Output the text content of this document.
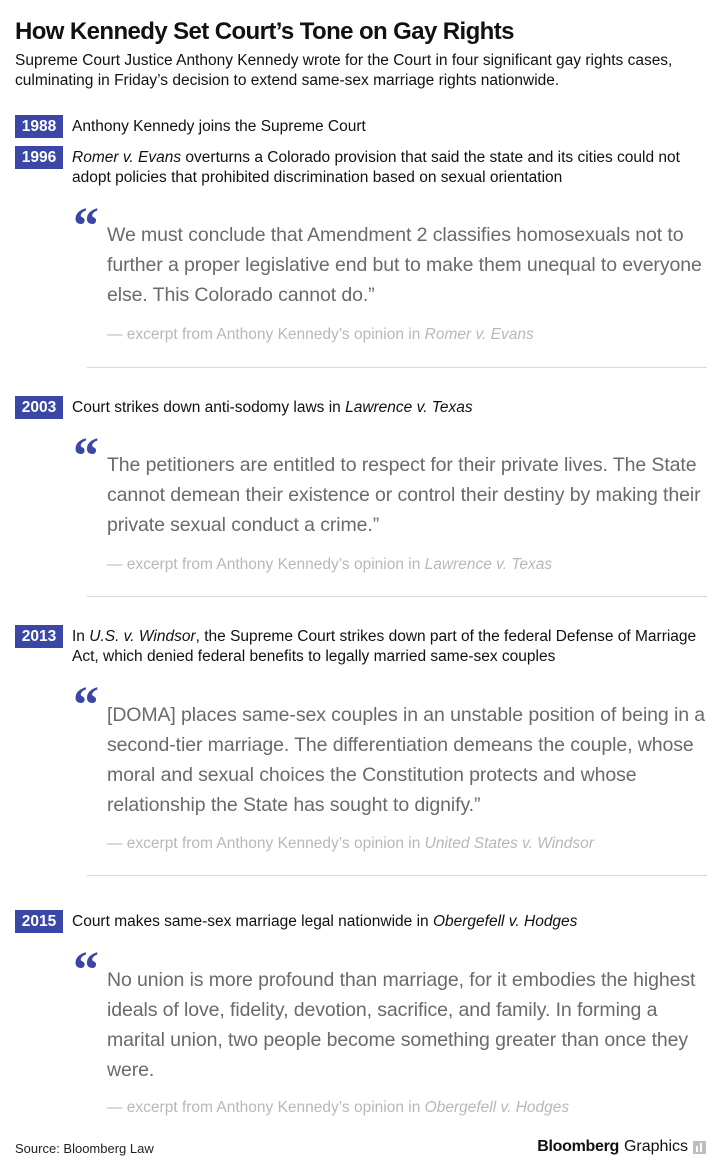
How Kennedy Set Court’s Tone on Gay Rights

Supreme Court Justice Anthony Kennedy wrote for the Court in four significant gay rights cases, culminating in Friday’s decision to extend same-sex marriage rights nationwide.

1988	Anthony Kennedy joins the Supreme Court
1996	Romer v. Evans overturns a Colorado provision that said the state and its cities could not adopt policies that prohibited discrimination based on sexual orientation
“ We must conclude that Amendment 2 classifies homosexuals not to further a proper legislative end but to make them unequal to everyone else. This Colorado cannot do.”
— excerpt from Anthony Kennedy’s opinion in Romer v. Evans
2003	Court strikes down anti-sodomy laws in Lawrence v. Texas
“ The petitioners are entitled to respect for their private lives. The State cannot demean their existence or control their destiny by making their private sexual conduct a crime.”
— excerpt from Anthony Kennedy’s opinion in Lawrence v. Texas
2013	In U.S. v. Windsor, the Supreme Court strikes down part of the federal Defense of Marriage Act, which denied federal benefits to legally married same-sex couples
“ [DOMA] places same-sex couples in an unstable position of being in a second-tier marriage. The differentiation demeans the couple, whose moral and sexual choices the Constitution protects and whose relationship the State has sought to dignify.”
— excerpt from Anthony Kennedy’s opinion in United States v. Windsor
2015	Court makes same-sex marriage legal nationwide in Obergefell v. Hodges
“ No union is more profound than marriage, for it embodies the highest ideals of love, fidelity, devotion, sacrifice, and family. In forming a marital union, two people become something greater than once they were.
— excerpt from Anthony Kennedy’s opinion in Obergefell v. Hodges
Source: Bloomberg Law	Bloomberg Graphics
